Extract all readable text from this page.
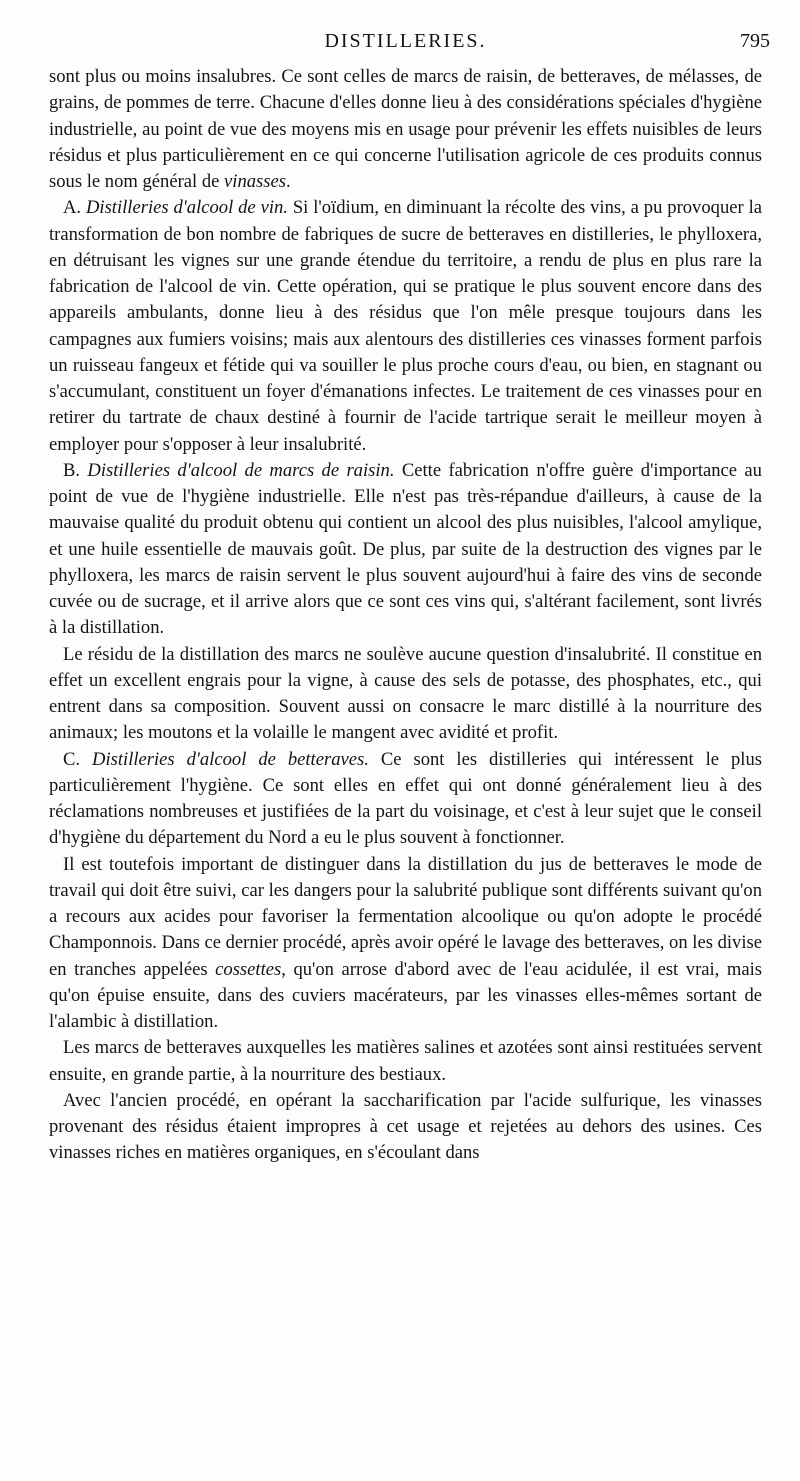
DISTILLERIES.	795

sont plus ou moins insalubres. Ce sont celles de marcs de raisin, de betteraves, de mélasses, de grains, de pommes de terre. Chacune d'elles donne lieu à des considérations spéciales d'hygiène industrielle, au point de vue des moyens mis en usage pour prévenir les effets nuisibles de leurs résidus et plus particulièrement en ce qui concerne l'utilisation agricole de ces produits connus sous le nom général de vinasses.

A. Distilleries d'alcool de vin. Si l'oïdium, en diminuant la récolte des vins, a pu provoquer la transformation de bon nombre de fabriques de sucre de betteraves en distilleries, le phylloxera, en détruisant les vignes sur une grande étendue du territoire, a rendu de plus en plus rare la fabrication de l'alcool de vin. Cette opération, qui se pratique le plus souvent encore dans des appareils ambulants, donne lieu à des résidus que l'on mêle presque toujours dans les campagnes aux fumiers voisins; mais aux alentours des distilleries ces vinasses forment parfois un ruisseau fangeux et fétide qui va souiller le plus proche cours d'eau, ou bien, en stagnant ou s'accumulant, constituent un foyer d'émanations infectes. Le traitement de ces vinasses pour en retirer du tartrate de chaux destiné à fournir de l'acide tartrique serait le meilleur moyen à employer pour s'opposer à leur insalubrité.

B. Distilleries d'alcool de marcs de raisin. Cette fabrication n'offre guère d'importance au point de vue de l'hygiène industrielle. Elle n'est pas très-répandue d'ailleurs, à cause de la mauvaise qualité du produit obtenu qui contient un alcool des plus nuisibles, l'alcool amylique, et une huile essentielle de mauvais goût. De plus, par suite de la destruction des vignes par le phylloxera, les marcs de raisin servent le plus souvent aujourd'hui à faire des vins de seconde cuvée ou de sucrage, et il arrive alors que ce sont ces vins qui, s'altérant facilement, sont livrés à la distillation.

Le résidu de la distillation des marcs ne soulève aucune question d'insalubrité. Il constitue en effet un excellent engrais pour la vigne, à cause des sels de potasse, des phosphates, etc., qui entrent dans sa composition. Souvent aussi on consacre le marc distillé à la nourriture des animaux; les moutons et la volaille le mangent avec avidité et profit.

C. Distilleries d'alcool de betteraves. Ce sont les distilleries qui intéressent le plus particulièrement l'hygiène. Ce sont elles en effet qui ont donné généralement lieu à des réclamations nombreuses et justifiées de la part du voisinage, et c'est à leur sujet que le conseil d'hygiène du département du Nord a eu le plus souvent à fonctionner.

Il est toutefois important de distinguer dans la distillation du jus de betteraves le mode de travail qui doit être suivi, car les dangers pour la salubrité publique sont différents suivant qu'on a recours aux acides pour favoriser la fermentation alcoolique ou qu'on adopte le procédé Champonnois. Dans ce dernier procédé, après avoir opéré le lavage des betteraves, on les divise en tranches appelées cossettes, qu'on arrose d'abord avec de l'eau acidulée, il est vrai, mais qu'on épuise ensuite, dans des cuviers macérateurs, par les vinasses elles-mêmes sortant de l'alambic à distillation.

Les marcs de betteraves auxquelles les matières salines et azotées sont ainsi restituées servent ensuite, en grande partie, à la nourriture des bestiaux.

Avec l'ancien procédé, en opérant la saccharification par l'acide sulfurique, les vinasses provenant des résidus étaient impropres à cet usage et rejetées au dehors des usines. Ces vinasses riches en matières organiques, en s'écoulant dans
